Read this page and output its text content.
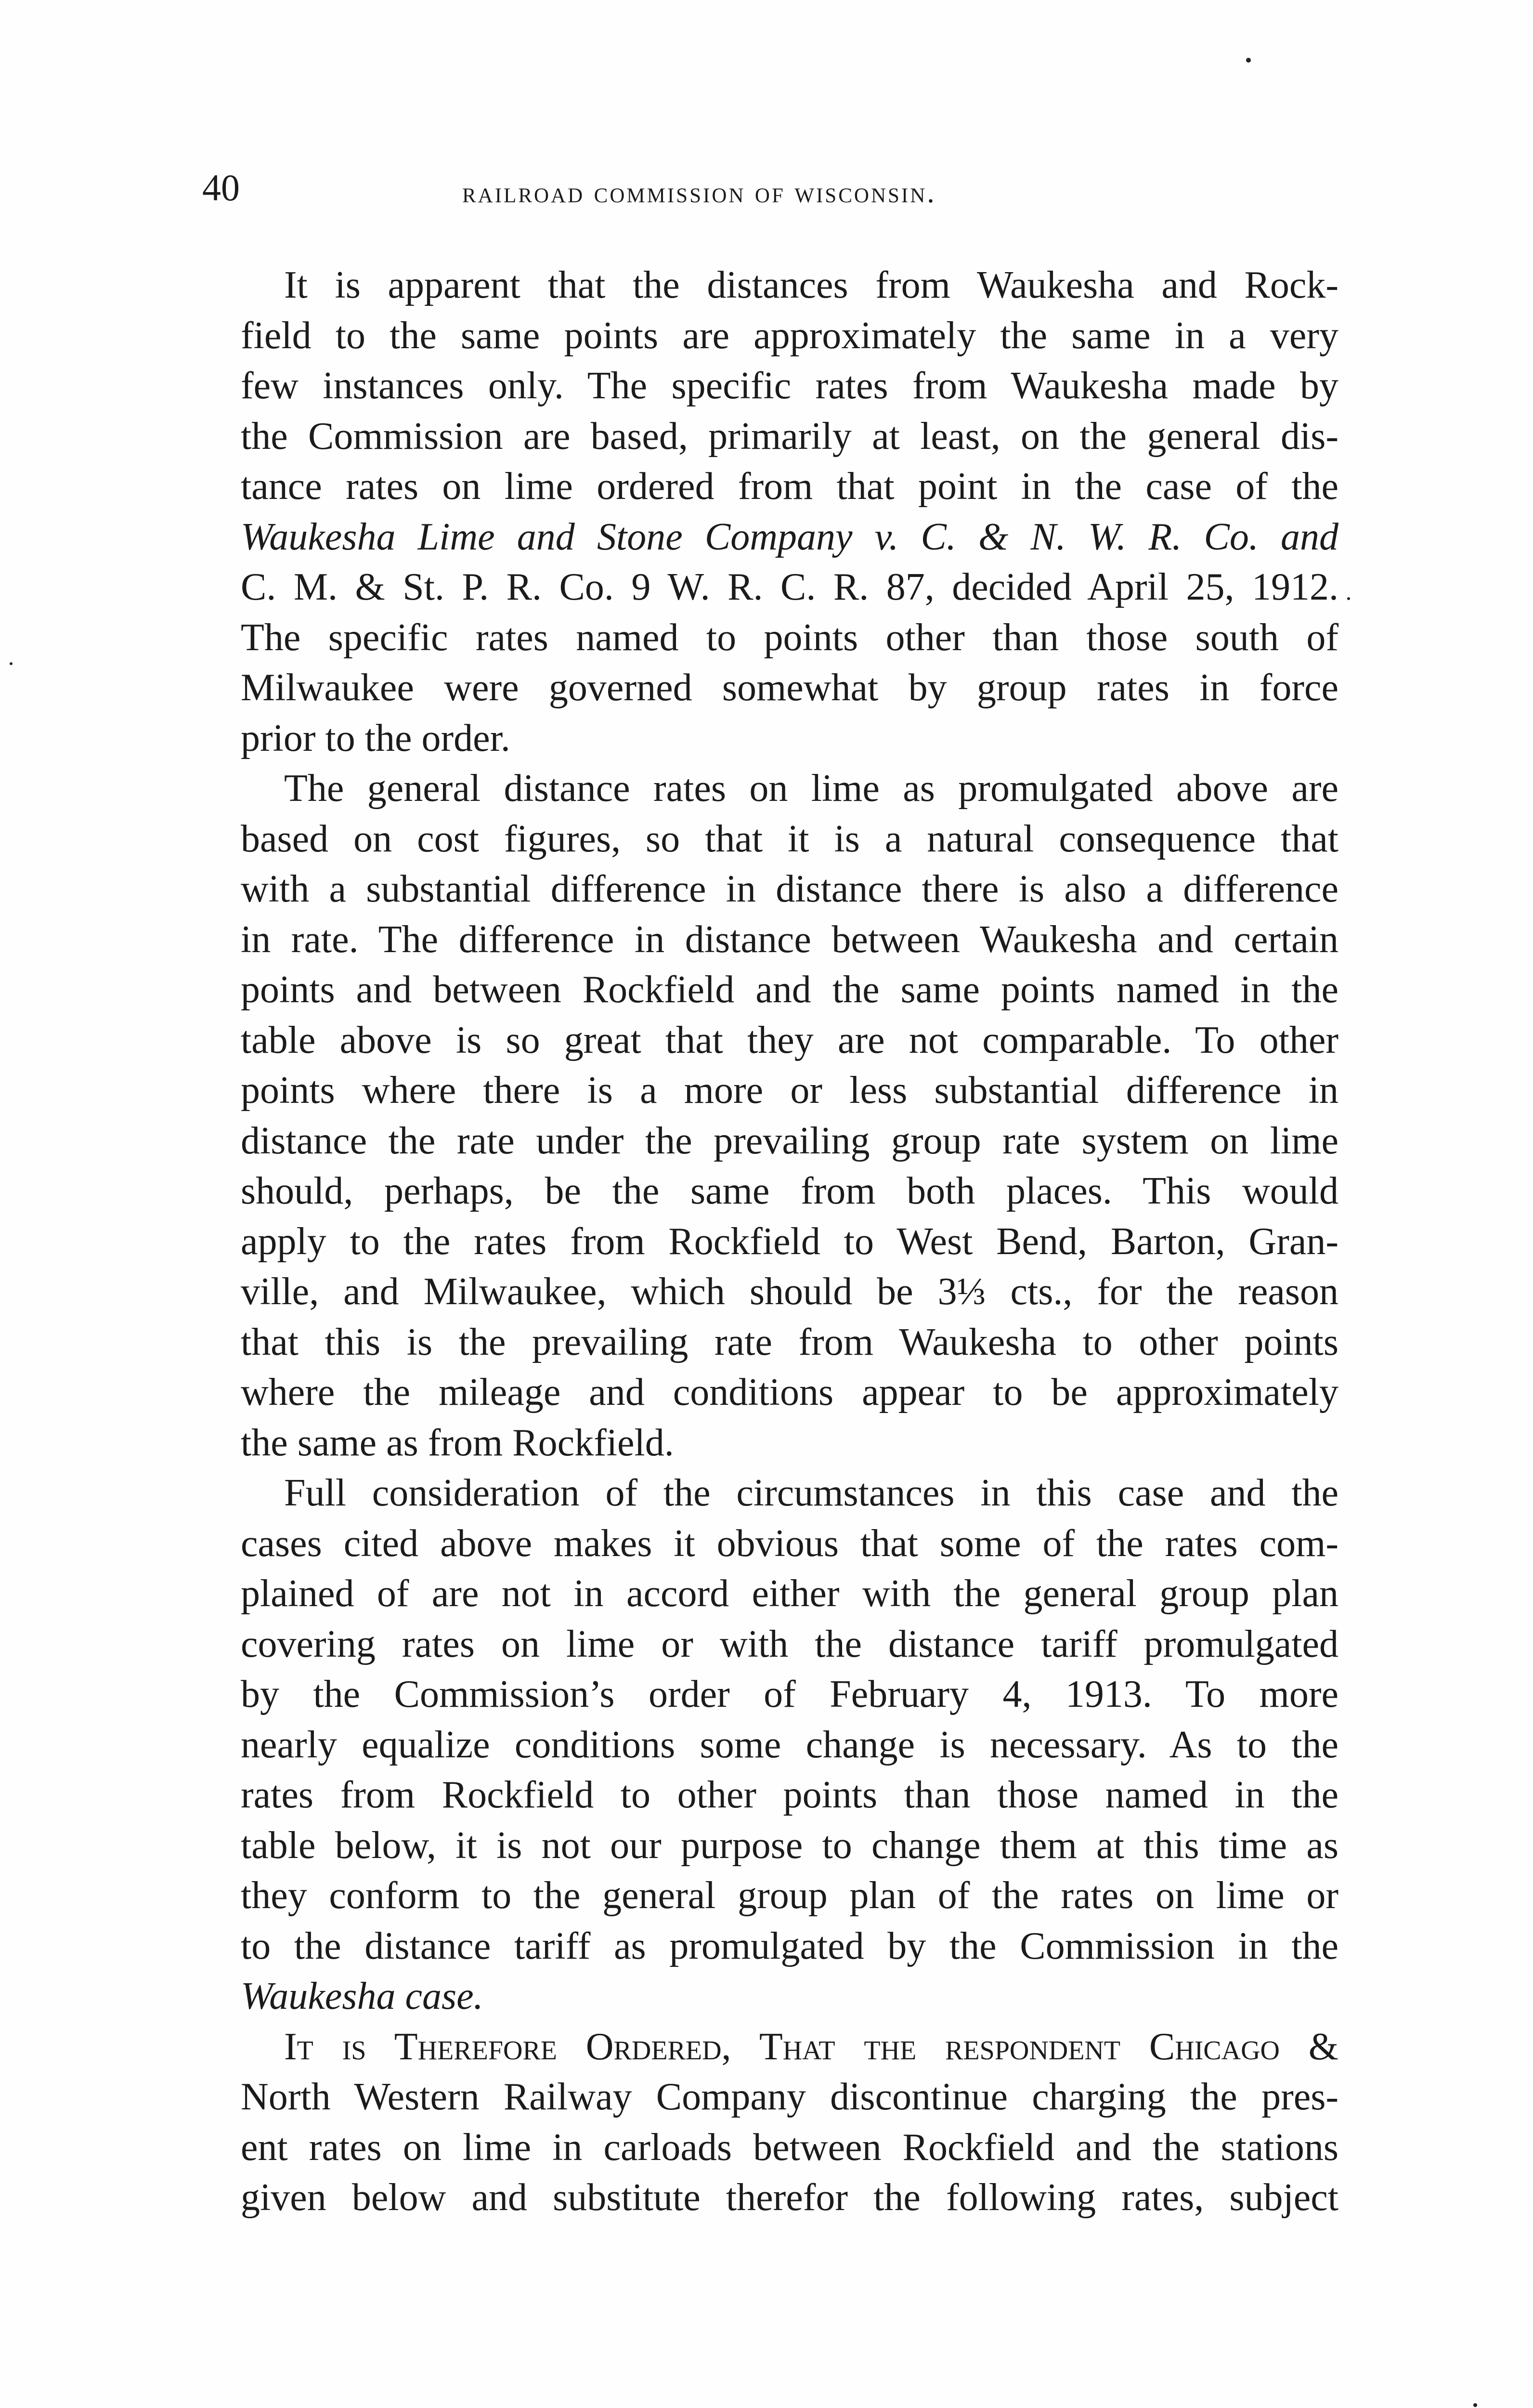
40	railroad commission of wisconsin.
It is apparent that the distances from Waukesha and Rock-
field to the same points are approximately the same in a very
few instances only. The specific rates from Waukesha made by
the Commission are based, primarily at least, on the general dis-
tance rates on lime ordered from that point in the case of the
Waukesha Lime and Stone Company v. C. & N. W. R. Co. and
C. M. & St. P. R. Co. 9 W. R. C. R. 87, decided April 25, 1912.
The specific rates named to points other than those south of
Milwaukee were governed somewhat by group rates in force
prior to the order.
The general distance rates on lime as promulgated above are
based on cost figures, so that it is a natural consequence that
with a substantial difference in distance there is also a difference
in rate. The difference in distance between Waukesha and certain
points and between Rockfield and the same points named in the
table above is so great that they are not comparable. To other
points where there is a more or less substantial difference in
distance the rate under the prevailing group rate system on lime
should, perhaps, be the same from both places. This would
apply to the rates from Rockfield to West Bend, Barton, Gran-
ville, and Milwaukee, which should be 3⅓ cts., for the reason
that this is the prevailing rate from Waukesha to other points
where the mileage and conditions appear to be approximately
the same as from Rockfield.
Full consideration of the circumstances in this case and the
cases cited above makes it obvious that some of the rates com-
plained of are not in accord either with the general group plan
covering rates on lime or with the distance tariff promulgated
by the Commission’s order of February 4, 1913. To more
nearly equalize conditions some change is necessary. As to the
rates from Rockfield to other points than those named in the
table below, it is not our purpose to change them at this time as
they conform to the general group plan of the rates on lime or
to the distance tariff as promulgated by the Commission in the
Waukesha case.
It is Therefore Ordered, That the respondent Chicago &
North Western Railway Company discontinue charging the pres-
ent rates on lime in carloads between Rockfield and the stations
given below and substitute therefor the following rates, subject
